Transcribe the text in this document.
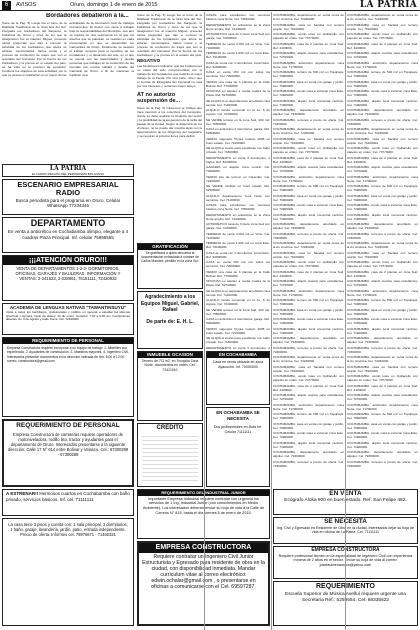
6	AVISOS	Oruro, domingo 1 de enero de 2015	LA PATRIA
Bordadores debatieron a la...
Viene de la Pag. 5) Luego fue el turno de la Diablada Tradicional de la Gran Era del Sur, integrada por bordadores del Sargento, la Folklórica de Oruro y otros de los que la designación fue al maestro Miguel, presentó varias preguntas que dan a conocer la actividad de los bordadores que ahora se aclaran, mencionados. Varios cosas y el proceso de confección de trajes que son el resultado del Carnaval. Por la fuerza de los bordadores y la prensa en el estado del país, se ha visto en la posición de vendedor. Contiene los objetivos de esta actividad, por lo que se desea su realización en el marco de las actividades de la Asociación Civil de trabajos permanentes. El doctor nos viene a trabajar bajo la responsabilidad del Municipio, que aún se implica en una vestimenta en la que los diseños que se plantean, se realizan en cada presentación en que se desarrollan los Carnavales de Oruro. Finalmente se destacó el trabajo conjunto para el beneficio de los bordadores y el desarrollo del arte, en el que se cuenta con las fraternidades y demás personas que trabajan en la confección de las prendas con mucha calidad y detalle del Carnaval de Oruro, a fin de mantener la tradición viva.
Viene de la Pag. 5) Luego fue el turno de la Diablada Tradicional de la Gran Era del Sur, integrada por bordadores del Sargento, la Folklórica de Oruro y otros de los que la designación fue al maestro Miguel, presentó varias preguntas que dan a conocer la actividad de los bordadores que ahora se aclaran, mencionados. Varios cosas y el proceso de confección de trajes que son el resultado del Carnaval. Por la fuerza de los bordadores y la prensa en el estado del país,
NEGATIVO
Las fundaciones indicaron que las instituciones no están del todo comprometidas con el trabajo de los bordadores que realizan el mejor trabajo de la Fiesta. Por otra parte, dicen que el Comité de Etnografía del Carnaval no vela por sus intereses y reclaman mayor apoyo.
AT no autorizo suspensión de...
Viene de la Pag. 5) Citaremos el Código que hace mención a los colectivos del transporte, donde se debe analizar la situación del sector y la posibilidad de la suspensión de la tarifa del pasaje de la ciudad. Según la dirigencia de los choferes, no se puede dar marcha atrás con la determinación de los dirigentes del magisterio y se reunirán el próximo lunes para definir.
LA PATRIA
EL DIARIO DECANO DEL PERIODISMO BOLIVIANO
ESCENARIO EMPRESARIAL RADIO
Busca periodista para el programa en Oruro. Celular WhatsApp 77234345
DEPARTAMENTO
En venta a anticrético en Cochabamba olimpio, elegante a 4 cuadras Plaza Principal. Inf. celular 75995555
¡¡¡ATENCIÓN ORURO!!!
VENTA DE DEPARTAMENTOS 1-2-3- DORMITORIOS. OFICINAS, GARAJES Y BAULERAS. INFORMACIÓN Y VENTAS: 2-241523, 2-228961, 76151111, 72420932
ACADEMIA DE LENGUAS NATIVAS "TAWANTINSUYU"
Invita a todos los bachilleres, profesionales y público en general a estudiar los idiomas Quechua y Aymara. Inicio de clases: 10 de enero. Horarios: 7:30 a 9:30 am. Inscripciones abiertas. Av. 6 de Agosto y Calle Sucre. Cel: 72440000
REQUERIMIENTO DE PERSONAL
Empresa Constructora requiere incorporar a su equipo de trabajo: 1. Albañiles con experiencia. 2. Ayudantes de construcción. 3. Maestros mayores. 4. Ingeniero Civil. Interesados presentar documentos en la dirección indicada de Hrs. 8:00 a 12:00. correo: constructora@gmail.com
REQUERIMIENTO DE PERSONAL
Empresa Constructora de carreteras requiere operadores de motoniveladora, rodillo liso, tractor y ayudantes para el departamento de Oruro. Interesados presentarse a la siguiente dirección: Calle 17 N° 614 entre Bolívar y Velasco. Cel.: 67300299 - 67300288
A ESTRENAR!! Hermosos cuartos en Cochabamba con baño privado, servicios básicos. Inf. cel. 71111111
La casa tiene 3 pisos y cuenta con: 1 sala principal, 3 dormitorios, 1 baño, garaje, lavandería, jardín, patio, entrada independiente. Precio de oferta. Informes cel. 79976671 - 71460321
GRATIFICACIÓN
Se gratificará a quien devuelva la documentación extraviada a nombre de Carlos Mamani, perdido en la zona Sur.
Agradecimiento a los Equipos Miguel, Gabriel, Rafael
De parte de: E. H. L.
INMUEBLE OCASION
Terreno de 711 m2, en Tocopilla Zona Norte, documentos en orden. Cel. 72421010
CRÉDITO
EN COCHABAMBA
Casa en venta ubicada en zona Ayacucho. Inf. 70000000
EN OCHABAMBA SE NECESITA
Dos profesionales en Ruta Inf. Celular 71111111
REQUERIMIENTO DEL INDUSTRIAL JUNIOR
Importante Empresa Industrial requiere contratar con urgencia los servicios de 1 Ing. Industrial Junior (con conocimientos en Medio Ambiente). Los interesados deberán enviar su hoja de vida a la Calle de Correos N° 815, hasta el día viernes 6 de enero de 2015.
EMPRESA CONSTRUCTORA
Requiere contratar un Ingeniero Civil Junior Estructurista y Egresado para residente de obra en la ciudad, con disponibilidad inmediata. Mandar currículum vitae al correo electrónico: edwin.ochalar@gmail.com , o presentarse en oficinas a comunicarse con el Cel. 69597287.
EN VENTA
Ecógrafo Aloka 900 en buen estado. Ref. San Felipe 482.
SE NECESITA
Ing. Civil y Egresado en Residente de Obra en la ciudad. Interesados dejar su hoja de vida en oficina de La Patria. Cel. 71111111
EMPRESA CONSTRUCTORA
Requiere profesional técnico en la especialidad de Ingeniero Civil con experiencia mínima de 2 años en el sector. Enviar su hoja de vida al correo: josetaubrenaorara@yahoo.com
REQUERIMIENTO
Escuela Superior de Música Avelluí requiere urgente una Secretaria Ref.: 5259554. Cel. 68335622
CASAS para estudiantes con servicios básicos zona Norte. Cel. 73810000.
DEPARTAMENTO en anticrético en la Zona Norte amplio. Ref. 72440000.
ANTICRÉTICO casa de 3 pisos zona Sud con garaje. Cel. 72000000.
TERRENO de venta 3.000 m2 en Vinto. Cel. 71000000.
TERRENO de venta 1.000 m2 en zona Este. Ref. 76100000.
CASA de venta con 3 dormitorios, zona Norte. Ref. 52800000.
CASA en venta 150 m2 con todos los servicios. Cel. 72000000.
VENDO una casa de 3 plantas en la Calle Bolívar. Ref. 77000000.
OFICINAS en alquiler a media cuadra de la Plaza. Ref. 52700000.
SE ALQUILA un departamento amoblado zona central. Cel. 71400000.
ALQUILO tienda comercial en la Av. 6 de Agosto. Cel. 72300000.
SE VENDE terreno en la zona Sud, 400 m2. Cel. 76500000.
CASA en anticrético 2 dormitorios, garaje. Ref. 52600000.
VENDO vagoneta Toyota modelo 2008 en buen estado. Cel. 72100000.
SE ALQUILA cuarto para estudiante con baño privado. Cel. 71800000.
DEPARTAMENTO en venta 3 dormitorios, 2 baños. Ref. 52400000.
GARAJES en alquiler zona central. Cel. 73200000.
VENDO lote de terreno en Caracollo. Cel. 72200000.
SE VENDE minibús en buen estado. Ref. 52500000.
ALQUILO departamento zona Norte con servicios. Cel. 71100000.
CASAS para estudiantes con servicios básicos zona Norte. Cel. 73810000.
DEPARTAMENTO en anticrético en la Zona Norte amplio. Ref. 72440000.
ANTICRÉTICO casa de 3 pisos zona Sud con garaje. Cel. 72000000.
TERRENO de venta 3.000 m2 en Vinto. Cel. 71000000.
TERRENO de venta 1.000 m2 en zona Este. Ref. 76100000.
CASA de venta con 3 dormitorios, zona Norte. Ref. 52800000.
CASA en venta 150 m2 con todos los servicios. Cel. 72000000.
VENDO una casa de 3 plantas en la Calle Bolívar. Ref. 77000000.
OFICINAS en alquiler a media cuadra de la Plaza. Ref. 52700000.
SE ALQUILA un departamento amoblado zona central. Cel. 71400000.
ALQUILO tienda comercial en la Av. 6 de Agosto. Cel. 72300000.
SE VENDE terreno en la zona Sud, 400 m2. Cel. 76500000.
CASA en anticrético 2 dormitorios, garaje. Ref. 52600000.
VENDO vagoneta Toyota modelo 2008 en buen estado. Cel. 72100000.
SE ALQUILA cuarto para estudiante con baño privado. Cel. 71800000.
DEPARTAMENTO en venta 3 dormitorios, 2
COCHABAMBA, departamento en venta cerca de la Av. América. Cel. 72230000.
COCHABAMBA, casa en Sacaba con terreno amplio. Cel. 79100000.
COCHABAMBA, vendo lotes en Quillacollo con papeles en orden. Cel. 70770000.
COCHABAMBA, casa de 2 plantas en zona Sud. Ref. 4400000.
COCHABAMBA, alquilo cuartos para estudiantes. Cel. 72700000.
COCHABAMBA, anticrético departamento zona Norte. Cel. 71700000.
COCHABAMBA, terreno de 500 m2 en Tiquipaya. Cel. 79900000.
COCHABAMBA, casa en venta con garaje y jardín. Cel. 76900000.
COCHABAMBA, vendo casa a estrenar zona Este. Cel. 72900000.
COCHABAMBA, alquilo local comercial céntrico. Cel. 71900000.
COCHABAMBA, departamento amoblado en alquiler. Cel. 79300000.
COCHABAMBA, terrenos a precio de oferta. Cel. 70300000.
COCHABAMBA, departamento en venta cerca de la Av. América. Cel. 72230000.
COCHABAMBA, casa en Sacaba con terreno amplio. Cel. 79100000.
COCHABAMBA, vendo lotes en Quillacollo con papeles en orden. Cel. 70770000.
COCHABAMBA, casa de 2 plantas en zona Sud. Ref. 4400000.
COCHABAMBA, alquilo cuartos para estudiantes. Cel. 72700000.
COCHABAMBA, anticrético departamento zona Norte. Cel. 71700000.
COCHABAMBA, terreno de 500 m2 en Tiquipaya. Cel. 79900000.
COCHABAMBA, casa en venta con garaje y jardín. Cel. 76900000.
COCHABAMBA, vendo casa a estrenar zona Este. Cel. 72900000.
COCHABAMBA, alquilo local comercial céntrico. Cel. 71900000.
COCHABAMBA, departamento amoblado en alquiler. Cel. 79300000.
COCHABAMBA, terrenos a precio de oferta. Cel. 70300000.
COCHABAMBA, departamento en venta cerca de la Av. América. Cel. 72230000.
COCHABAMBA, casa en Sacaba con terreno amplio. Cel. 79100000.
COCHABAMBA, vendo lotes en Quillacollo con papeles en orden. Cel. 70770000.
COCHABAMBA, casa de 2 plantas en zona Sud. Ref. 4400000.
COCHABAMBA, alquilo cuartos para estudiantes. Cel. 72700000.
COCHABAMBA, anticrético departamento zona Norte. Cel. 71700000.
COCHABAMBA, terreno de 500 m2 en Tiquipaya. Cel. 79900000.
COCHABAMBA, casa en venta con garaje y jardín. Cel. 76900000.
COCHABAMBA, vendo casa a estrenar zona Este. Cel. 72900000.
COCHABAMBA, alquilo local comercial céntrico. Cel. 71900000.
COCHABAMBA, departamento amoblado en alquiler. Cel. 79300000.
COCHABAMBA, terrenos a precio de oferta. Cel. 70300000.
COCHABAMBA, departamento en venta cerca de la Av. América. Cel. 72230000.
COCHABAMBA, casa en Sacaba con terreno amplio. Cel. 79100000.
COCHABAMBA, vendo lotes en Quillacollo con papeles en orden. Cel. 70770000.
COCHABAMBA, casa de 2 plantas en zona Sud. Ref. 4400000.
COCHABAMBA, alquilo cuartos para estudiantes. Cel. 72700000.
COCHABAMBA, anticrético departamento zona Norte. Cel. 71700000.
COCHABAMBA, terreno de 500 m2 en Tiquipaya. Cel. 79900000.
COCHABAMBA, casa en venta con garaje y jardín. Cel. 76900000.
COCHABAMBA, vendo casa a estrenar zona Este. Cel. 72900000.
COCHABAMBA, alquilo local comercial céntrico. Cel. 71900000.
COCHABAMBA, departamento amoblado en alquiler. Cel. 79300000.
COCHABAMBA, terrenos a precio de oferta. Cel. 70300000.
COCHABAMBA, departamento en venta cerca de la Av. América. Cel. 72230000.
COCHABAMBA, casa en Sacaba con terreno amplio. Cel. 79100000.
COCHABAMBA, vendo lotes en Quillacollo con papeles en orden. Cel. 70770000.
COCHABAMBA, casa de 2 plantas en zona Sud. Ref. 4400000.
COCHABAMBA, alquilo cuartos para estudiantes. Cel. 72700000.
COCHABAMBA, anticrético departamento zona Norte. Cel. 71700000.
COCHABAMBA, terreno de 500 m2 en Tiquipaya. Cel. 79900000.
COCHABAMBA, casa en venta con garaje y jardín. Cel. 76900000.
COCHABAMBA, vendo casa a estrenar zona Este. Cel. 72900000.
COCHABAMBA, alquilo local comercial céntrico. Cel. 71900000.
COCHABAMBA, departamento amoblado en alquiler. Cel. 79300000.
COCHABAMBA, terrenos a precio de oferta. Cel. 70300000.
COCHABAMBA, departamento en venta cerca de la Av. América. Cel. 72230000.
COCHABAMBA, casa en Sacaba con terreno amplio. Cel. 79100000.
COCHABAMBA, vendo lotes en Quillacollo con papeles en orden. Cel. 70770000.
COCHABAMBA, casa de 2 plantas en zona Sud. Ref. 4400000.
COCHABAMBA, alquilo cuartos para estudiantes. Cel. 72700000.
COCHABAMBA, anticrético departamento zona Norte. Cel. 71700000.
COCHABAMBA, terreno de 500 m2 en Tiquipaya. Cel. 79900000.
COCHABAMBA, casa en venta con garaje y jardín. Cel. 76900000.
COCHABAMBA, vendo casa a estrenar zona Este. Cel. 72900000.
COCHABAMBA, alquilo local comercial céntrico. Cel. 71900000.
COCHABAMBA, departamento amoblado en alquiler. Cel. 79300000.
COCHABAMBA, terrenos a precio de oferta. Cel. 70300000.
COCHABAMBA, departamento en venta cerca de la Av. América. Cel. 72230000.
COCHABAMBA, casa en Sacaba con terreno amplio. Cel. 79100000.
COCHABAMBA, vendo lotes en Quillacollo con papeles en orden. Cel. 70770000.
COCHABAMBA, casa de 2 plantas en zona Sud. Ref. 4400000.
COCHABAMBA, alquilo cuartos para estudiantes. Cel. 72700000.
COCHABAMBA, anticrético departamento zona Norte. Cel. 71700000.
COCHABAMBA, terreno de 500 m2 en Tiquipaya. Cel. 79900000.
COCHABAMBA, casa en venta con garaje y jardín. Cel. 76900000.
COCHABAMBA, vendo casa a estrenar zona Este. Cel. 72900000.
COCHABAMBA, alquilo local comercial céntrico. Cel. 71900000.
COCHABAMBA, departamento amoblado en alquiler. Cel. 79300000.
COCHABAMBA, terrenos a precio de oferta. Cel. 70300000.
COCHABAMBA, departamento en venta cerca de la Av. América. Cel. 72230000.
COCHABAMBA, casa en Sacaba con terreno amplio. Cel. 79100000.
COCHABAMBA, vendo lotes en Quillacollo con papeles en orden. Cel. 70770000.
COCHABAMBA, casa de 2 plantas en zona Sud. Ref. 4400000.
COCHABAMBA, alquilo cuartos para estudiantes. Cel. 72700000.
COCHABAMBA, anticrético departamento zona Norte. Cel. 71700000.
COCHABAMBA, terreno de 500 m2 en Tiquipaya. Cel. 79900000.
COCHABAMBA, casa en venta con garaje y jardín. Cel. 76900000.
COCHABAMBA, vendo casa a estrenar zona Este. Cel. 72900000.
COCHABAMBA, alquilo local comercial céntrico. Cel. 71900000.
COCHABAMBA, departamento amoblado en alquiler. Cel. 79300000.
COCHABAMBA, terrenos a precio de oferta. Cel. 70300000.
